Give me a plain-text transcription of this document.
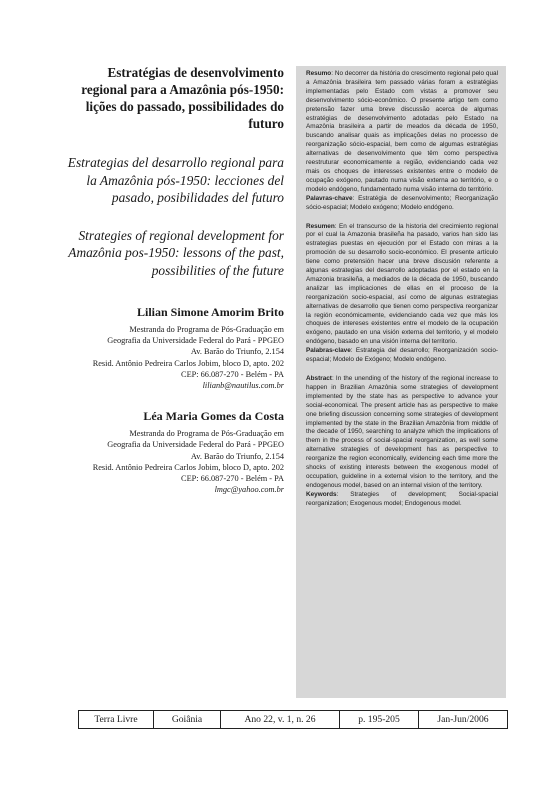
Estratégias de desenvolvimento regional para a Amazônia pós-1950: lições do passado, possibilidades do futuro
Estrategias del desarrollo regional para la Amazônia pós-1950: lecciones del pasado, posibilidades del futuro
Strategies of regional development for Amazônia pos-1950: lessons of the past, possibilities of the future
Lilian Simone Amorim Brito
Mestranda do Programa de Pós-Graduação em
Geografia da Universidade Federal do Pará - PPGEO
Av. Barão do Triunfo, 2.154
Resid. Antônio Pedreira Carlos Jobim, bloco D, apto. 202
CEP: 66.087-270 - Belém - PA
lilianb@nautilus.com.br
Léa Maria Gomes da Costa
Mestranda do Programa de Pós-Graduação em
Geografia da Universidade Federal do Pará - PPGEO
Av. Barão do Triunfo, 2.154
Resid. Antônio Pedreira Carlos Jobim, bloco D, apto. 202
CEP: 66.087-270 - Belém - PA
lmgc@yahoo.com.br

Resumo: No decorrer da história do crescimento regional pelo qual a Amazônia brasileira tem passado várias foram a estratégias implementadas pelo Estado com vistas a promover seu desenvolvimento sócio-econômico. O presente artigo tem como pretensão fazer uma breve discussão acerca de algumas estratégias de desenvolvimento adotadas pelo Estado na Amazônia brasileira a partir de meados da década de 1950, buscando analisar quais as implicações delas no processo de reorganização sócio-espacial, bem como de algumas estratégias alternativas de desenvolvimento que têm como perspectiva reestruturar economicamente a região, evidenciando cada vez mais os choques de interesses existentes entre o modelo de ocupação exógeno, pautado numa visão externa ao território, e o modelo endógeno, fundamentado numa visão interna do território.

Palavras-chave: Estratégia de desenvolvimento; Reorganização sócio-espacial; Modelo exógeno; Modelo endógeno.

Resumen: En el transcurso de la historia del crecimiento regional por el cual la Amazonia brasileña ha pasado, varios han sido las estrategias puestas en ejecución por el Estado con miras a la promoción de su desarrollo socio-económico. El presente artículo tiene como pretensión hacer una breve discusión referente a algunas estrategias del desarrollo adoptadas por el estado en la Amazonia brasileña, a mediados de la década de 1950, buscando analizar las implicaciones de ellas en el proceso de la reorganización socio-espacial, así como de algunas estrategias alternativas de desarrollo que tienen como perspectiva reorganizar la región económicamente, evidenciando cada vez que más los choques de intereses existentes entre el modelo de la ocupación exógeno, pautado en una visión externa del territorio, y el modelo endógeno, basado en una visión interna del territorio.

Palabras-clave: Estrategia del desarrollo; Reorganización socio-espacial; Modelo de Exógeno; Modelo endógeno.

Abstract: In the unending of the history of the regional increase to happen in Brazilian Amazônia some strategies of development implemented by the state has as perspective to advance your social-economical. The present article has as perspective to make one briefing discussion concerning some strategies of development implemented by the state in the Brazilian Amazônia from middle of the decade of 1950, searching to analyze which the implications of them in the process of social-spacial reorganization, as well some alternative strategies of development has as perspective to reorganize the region economically, evidencing each time more the shocks of existing interests between the exogenous model of occupation, guideline in a external vision to the territory, and the endogenous model, based on an internal vision of the territory.

Keywords: Strategies of development; Social-spacial reorganization; Exogenous model; Endogenous model.

Terra Livre	Goiânia	Ano 22, v. 1, n. 26	p. 195-205	Jan-Jun/2006
